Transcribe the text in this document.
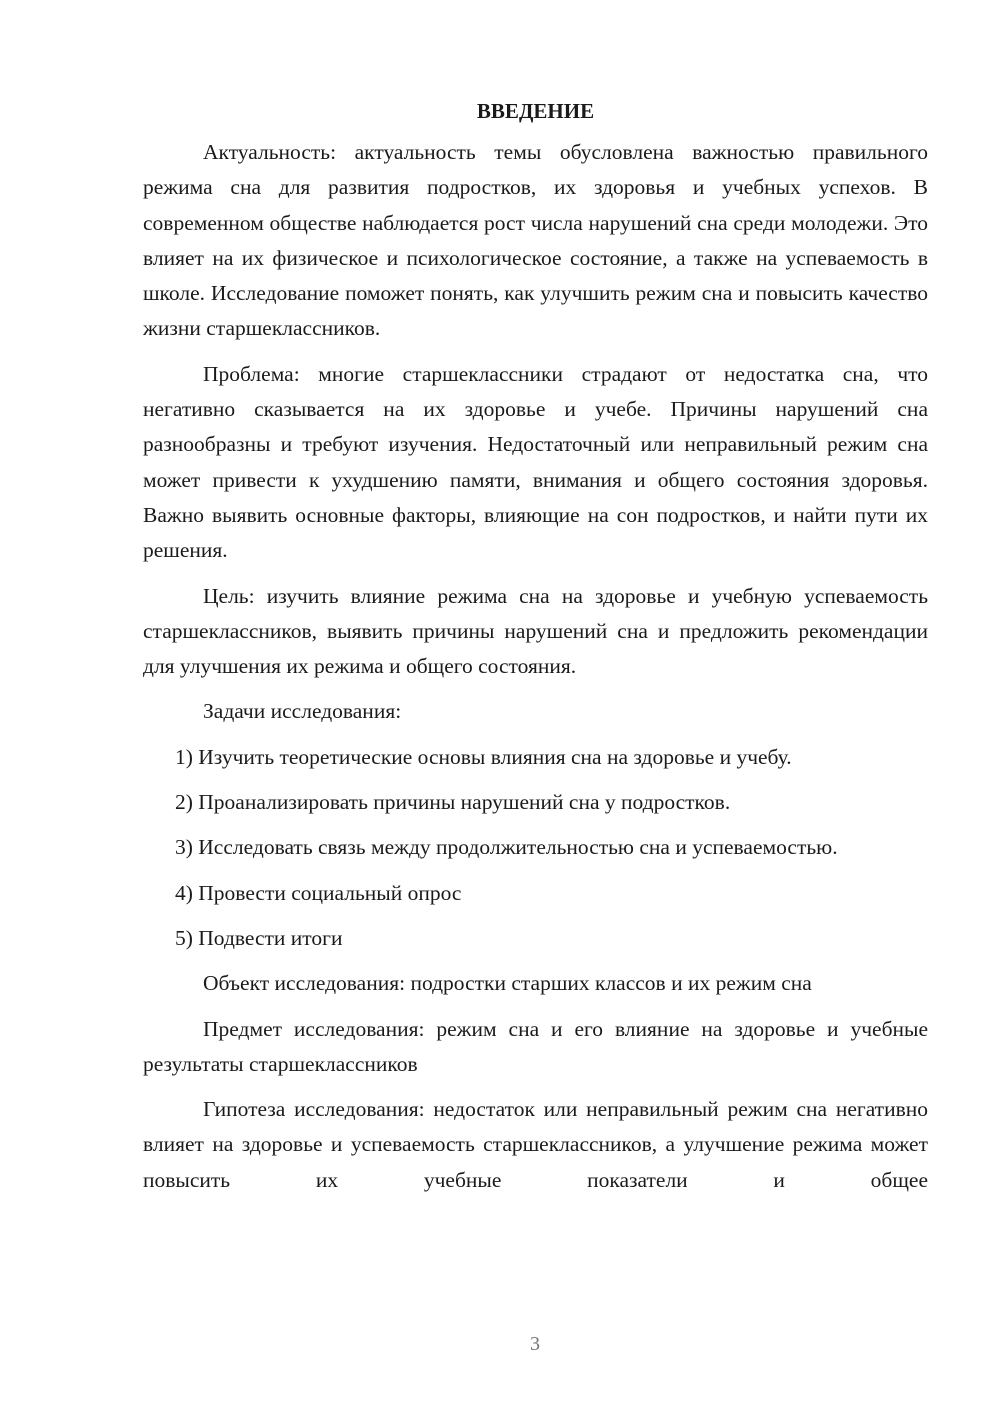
ВВЕДЕНИЕ

Актуальность: актуальность темы обусловлена важностью правильного режима сна для развития подростков, их здоровья и учебных успехов. В современном обществе наблюдается рост числа нарушений сна среди молодежи. Это влияет на их физическое и психологическое состояние, а также на успеваемость в школе. Исследование поможет понять, как улучшить режим сна и повысить качество жизни старшеклассников.

Проблема: многие старшеклассники страдают от недостатка сна, что негативно сказывается на их здоровье и учебе. Причины нарушений сна разнообразны и требуют изучения. Недостаточный или неправильный режим сна может привести к ухудшению памяти, внимания и общего состояния здоровья. Важно выявить основные факторы, влияющие на сон подростков, и найти пути их решения.

Цель: изучить влияние режима сна на здоровье и учебную успеваемость старшеклассников, выявить причины нарушений сна и предложить рекомендации для улучшения их режима и общего состояния.

Задачи исследования:

1) Изучить теоретические основы влияния сна на здоровье и учебу.

2) Проанализировать причины нарушений сна у подростков.

3) Исследовать связь между продолжительностью сна и успеваемостью.

4) Провести социальный опрос

5) Подвести итоги

Объект исследования: подростки старших классов и их режим сна

Предмет исследования: режим сна и его влияние на здоровье и учебные результаты старшеклассников

Гипотеза исследования: недостаток или неправильный режим сна негативно влияет на здоровье и успеваемость старшеклассников, а улучшение режима может повысить их учебные показатели и общее

3
